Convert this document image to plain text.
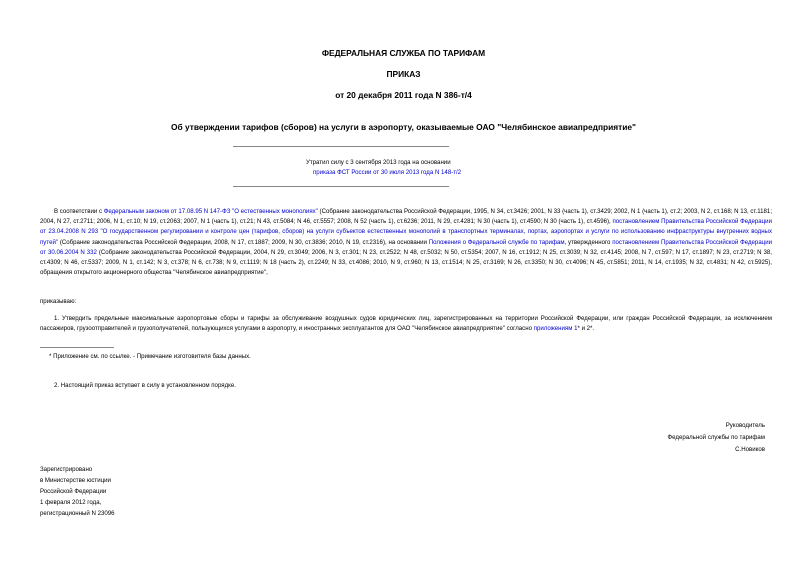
ФЕДЕРАЛЬНАЯ СЛУЖБА ПО ТАРИФАМ
ПРИКАЗ
от 20 декабря 2011 года N 386-т/4
Об утверждении тарифов (сборов) на услуги в аэропорту, оказываемые ОАО "Челябинское авиапредприятие"
Утратил силу с 3 сентября 2013 года на основании
приказа ФСТ России от 30 июля 2013 года N 148-т/2
В соответствии с Федеральным законом от 17.08.95 N 147-ФЗ "О естественных монополиях" (Собрание законодательства Российской Федерации, 1995, N 34, ст.3426; 2001, N 33 (часть 1), ст.3429; 2002, N 1 (часть 1), ст.2; 2003, N 2, ст.168; N 13, ст.1181; 2004, N 27, ст.2711; 2006, N 1, ст.10; N 19, ст.2063; 2007, N 1 (часть 1), ст.21; N 43, ст.5084; N 46, ст.5557; 2008, N 52 (часть 1), ст.6236; 2011, N 29, ст.4281; N 30 (часть 1), ст.4590; N 30 (часть 1), ст.4596), постановлением Правительства Российской Федерации от 23.04.2008 N 293 "О государственном регулировании и контроле цен (тарифов, сборов) на услуги субъектов естественных монополий в транспортных терминалах, портах, аэропортах и услуги по использованию инфраструктуры внутренних водных путей" (Собрание законодательства Российской Федерации, 2008, N 17, ст.1887; 2009, N 30, ст.3836; 2010, N 19, ст.2316), на основании Положения о Федеральной службе по тарифам, утвержденного постановлением Правительства Российской Федерации от 30.06.2004 N 332 (Собрание законодательства Российской Федерации, 2004, N 29, ст.3049; 2006, N 3, ст.301; N 23, ст.2522; N 48, ст.5032; N 50, ст.5354; 2007, N 16, ст.1912; N 25, ст.3039; N 32, ст.4145; 2008, N 7, ст.597; N 17, ст.1897; N 23, ст.2719; N 38, ст.4309; N 46, ст.5337; 2009, N 1, ст.142; N 3, ст.378; N 6, ст.738; N 9, ст.1119; N 18 (часть 2), ст.2249; N 33, ст.4086; 2010, N 9, ст.960; N 13, ст.1514; N 25, ст.3169; N 26, ст.3350; N 30, ст.4096; N 45, ст.5851; 2011, N 14, ст.1935; N 32, ст.4831; N 42, ст.5925), обращения открытого акционерного общества "Челябинское авиапредприятие",
приказываю:
1. Утвердить предельные максимальные аэропортовые сборы и тарифы за обслуживание воздушных судов юридических лиц, зарегистрированных на территории Российской Федерации, или граждан Российской Федерации, за исключением пассажиров, грузоотправителей и грузополучателей, пользующихся услугами в аэропорту, и иностранных эксплуатантов для ОАО "Челябинское авиапредприятие" согласно приложениям 1* и 2*.
* Приложение см. по ссылке. - Примечание изготовителя базы данных.
2. Настоящий приказ вступает в силу в установленном порядке.
Руководитель
Федеральной службы по тарифам
С.Новиков
Зарегистрировано
в Министерстве юстиции
Российской Федерации
1 февраля 2012 года,
регистрационный N 23096
